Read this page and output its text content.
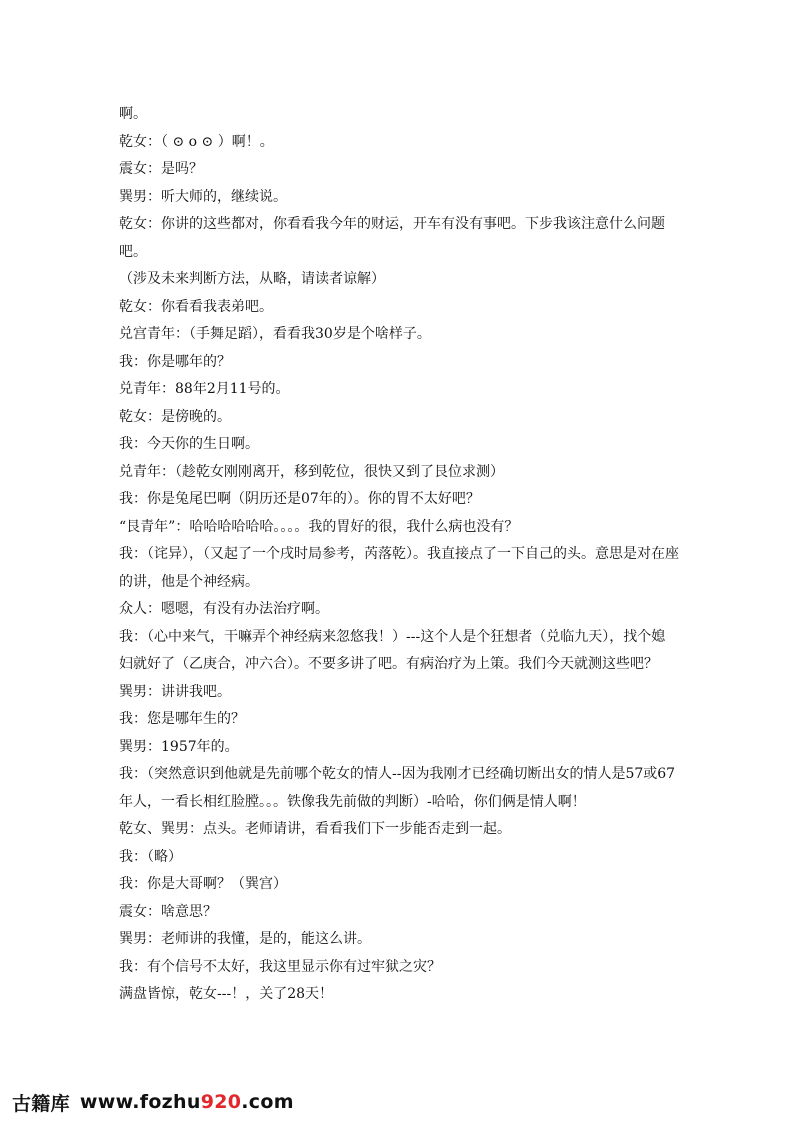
啊。

乾女：（ ⊙ o ⊙ ）啊！。

震女：是吗？

巽男：听大师的，继续说。

乾女：你讲的这些都对，你看看我今年的财运，开车有没有事吧。下步我该注意什么问题吧。

（涉及未来判断方法，从略，请读者谅解）

乾女：你看看我表弟吧。

兑宫青年：（手舞足蹈），看看我30岁是个啥样子。

我：你是哪年的？

兑青年：88年2月11号的。

乾女：是傍晚的。

我：今天你的生日啊。

兑青年：（趁乾女刚刚离开，移到乾位，很快又到了艮位求测）

我：你是兔尾巴啊（阴历还是07年的）。你的胃不太好吧？

“艮青年”：哈哈哈哈哈哈。。。。我的胃好的很，我什么病也没有？

我：（诧异），（又起了一个戌时局参考，芮落乾）。我直接点了一下自己的头。意思是对在座的讲，他是个神经病。

众人：嗯嗯，有没有办法治疗啊。

我：（心中来气，干嘛弄个神经病来忽悠我！）---这个人是个狂想者（兑临九天），找个媳妇就好了（乙庚合，冲六合）。不要多讲了吧。有病治疗为上策。我们今天就测这些吧？

巽男：讲讲我吧。

我：您是哪年生的？

巽男：1957年的。

我：（突然意识到他就是先前哪个乾女的情人--因为我刚才已经确切断出女的情人是57或67年人，一看长相红脸膛。。。铁像我先前做的判断）-哈哈，你们俩是情人啊！

乾女、巽男：点头。老师请讲，看看我们下一步能否走到一起。

我：（略）

我：你是大哥啊？（巽宫）

震女：啥意思？

巽男：老师讲的我懂，是的，能这么讲。

我：有个信号不太好，我这里显示你有过牢狱之灾？

满盘皆惊，乾女---！，关了28天！

古籍库 www.fozhu 920 .com
